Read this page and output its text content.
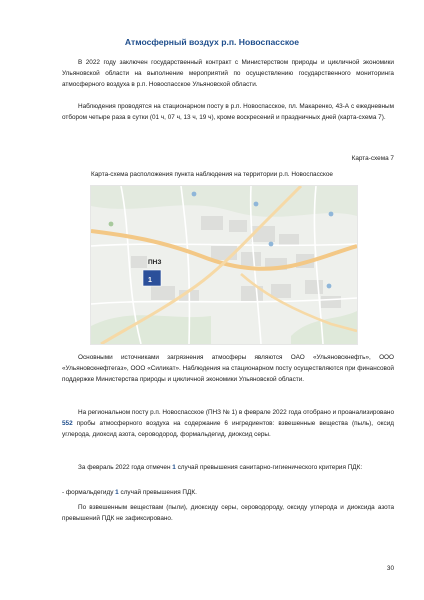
Атмосферный воздух р.п. Новоспасское

В 2022 году заключен государственный контракт с Министерством природы и цикличной экономики Ульяновской области на выполнение мероприятий по осуществлению государственного мониторинга атмосферного воздуха в р.п. Новоспасское Ульяновской области.

Наблюдения проводятся на стационарном посту в р.п. Новоспасское, пл. Макаренко, 43-А с ежедневным отбором четыре раза в сутки (01 ч, 07 ч, 13 ч, 19 ч), кроме воскресений и праздничных дней (карта-схема 7).

Карта-схема 7

Карта-схема расположения пункта наблюдения на территории р.п. Новоспасское

ПНЗ
1

Основными источниками загрязнения атмосферы являются ОАО «Ульяновскнефть», ООО «Ульяновскнефтегаз», ООО «Силикат». Наблюдения на стационарном посту осуществляются при финансовой поддержке Министерства природы и цикличной экономики Ульяновской области.

На региональном посту р.п. Новоспасское (ПНЗ № 1) в феврале 2022 года отобрано и проанализировано 552 пробы атмосферного воздуха на содержание 6 ингредиентов: взвешенные вещества (пыль), оксид углерода, диоксид азота, сероводород, формальдегид, диоксид серы.

За февраль 2022 года отмечен 1 случай превышения санитарно-гигиенического критерия ПДК:

- формальдегиду 1 случай превышения ПДК.

По взвешенным веществам (пыли), диоксиду серы, сероводороду, оксиду углерода и диоксида азота превышений ПДК не зафиксировано.

30
